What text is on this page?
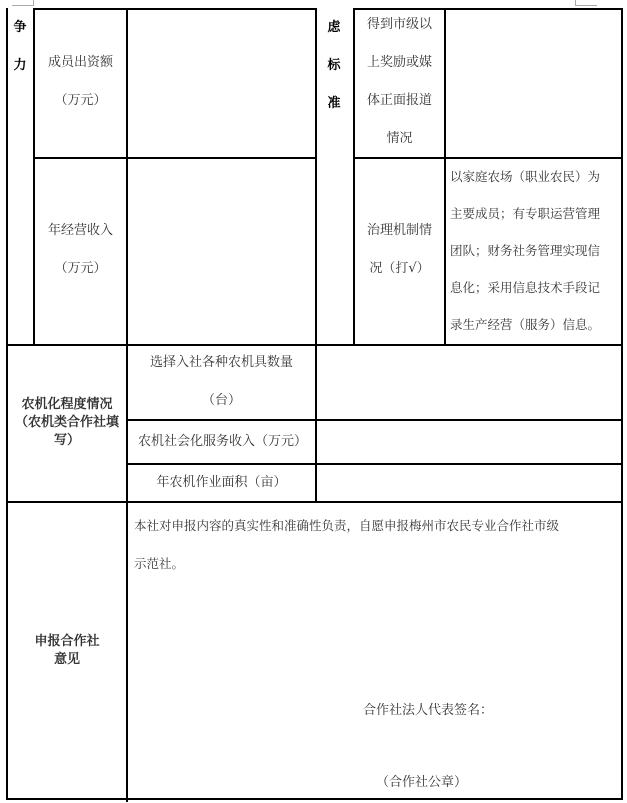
争
力
虑
标
准
成员出资额
（万元）
得到市级以
上奖励或媒
体正面报道
情况
年经营收入
（万元）
治理机制情
况（打√）
以家庭农场（职业农民）为
主要成员；有专职运营管理
团队；财务社务管理实现信
息化；采用信息技术手段记
录生产经营（服务）信息。
农机化程度情况
（农机类合作社填
写）
选择入社各种农机具数量
（台）
农机社会化服务收入（万元）
年农机作业面积（亩）
申报合作社
意见
本社对申报内容的真实性和准确性负责，自愿申报梅州市农民专业合作社市级
示范社。
合作社法人代表签名：
（合作社公章）
